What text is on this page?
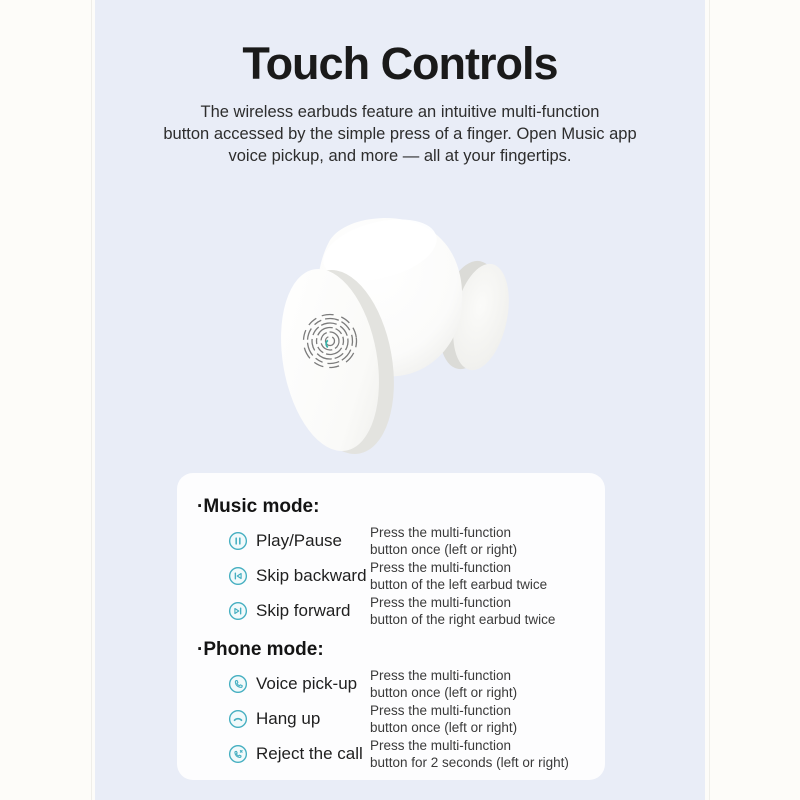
Touch Controls
The wireless earbuds feature an intuitive multi-function
button accessed by the simple press of a finger. Open Music app
voice pickup, and more — all at your fingertips.
·Music mode:
Play/Pause	Press the multi-function
button once (left or right)
Skip backward Press the multi-function
button of the left earbud twice
Skip forward	Press the multi-function
button of the right earbud twice
·Phone mode:
Voice pick-up Press the multi-function
button once (left or right)
Hang up	Press the multi-function
button once (left or right)
Reject the call Press the multi-function
button for 2 seconds (left or right)
